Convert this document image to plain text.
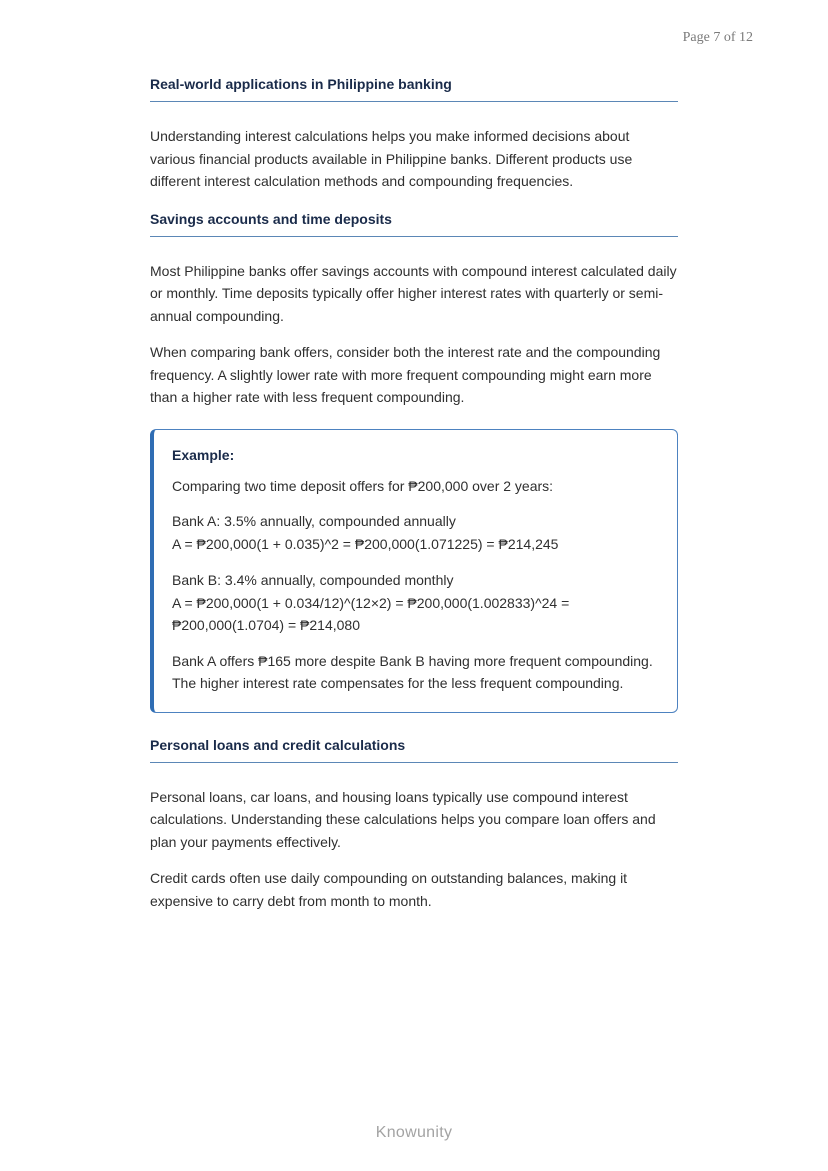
Page 7 of 12
Real-world applications in Philippine banking

Understanding interest calculations helps you make informed decisions about various financial products available in Philippine banks. Different products use different interest calculation methods and compounding frequencies.

Savings accounts and time deposits

Most Philippine banks offer savings accounts with compound interest calculated daily or monthly. Time deposits typically offer higher interest rates with quarterly or semi-annual compounding.

When comparing bank offers, consider both the interest rate and the compounding frequency. A slightly lower rate with more frequent compounding might earn more than a higher rate with less frequent compounding.

Example:

Comparing two time deposit offers for ₱200,000 over 2 years:

Bank A: 3.5% annually, compounded annually

A = ₱200,000(1 + 0.035)^2 = ₱200,000(1.071225) = ₱214,245

Bank B: 3.4% annually, compounded monthly

A = ₱200,000(1 + 0.034/12)^(12×2) = ₱200,000(1.002833)^24 =

₱200,000(1.0704) = ₱214,080

Bank A offers ₱165 more despite Bank B having more frequent compounding. The higher interest rate compensates for the less frequent compounding.

Personal loans and credit calculations

Personal loans, car loans, and housing loans typically use compound interest calculations. Understanding these calculations helps you compare loan offers and plan your payments effectively.

Credit cards often use daily compounding on outstanding balances, making it expensive to carry debt from month to month.

Knowunity
